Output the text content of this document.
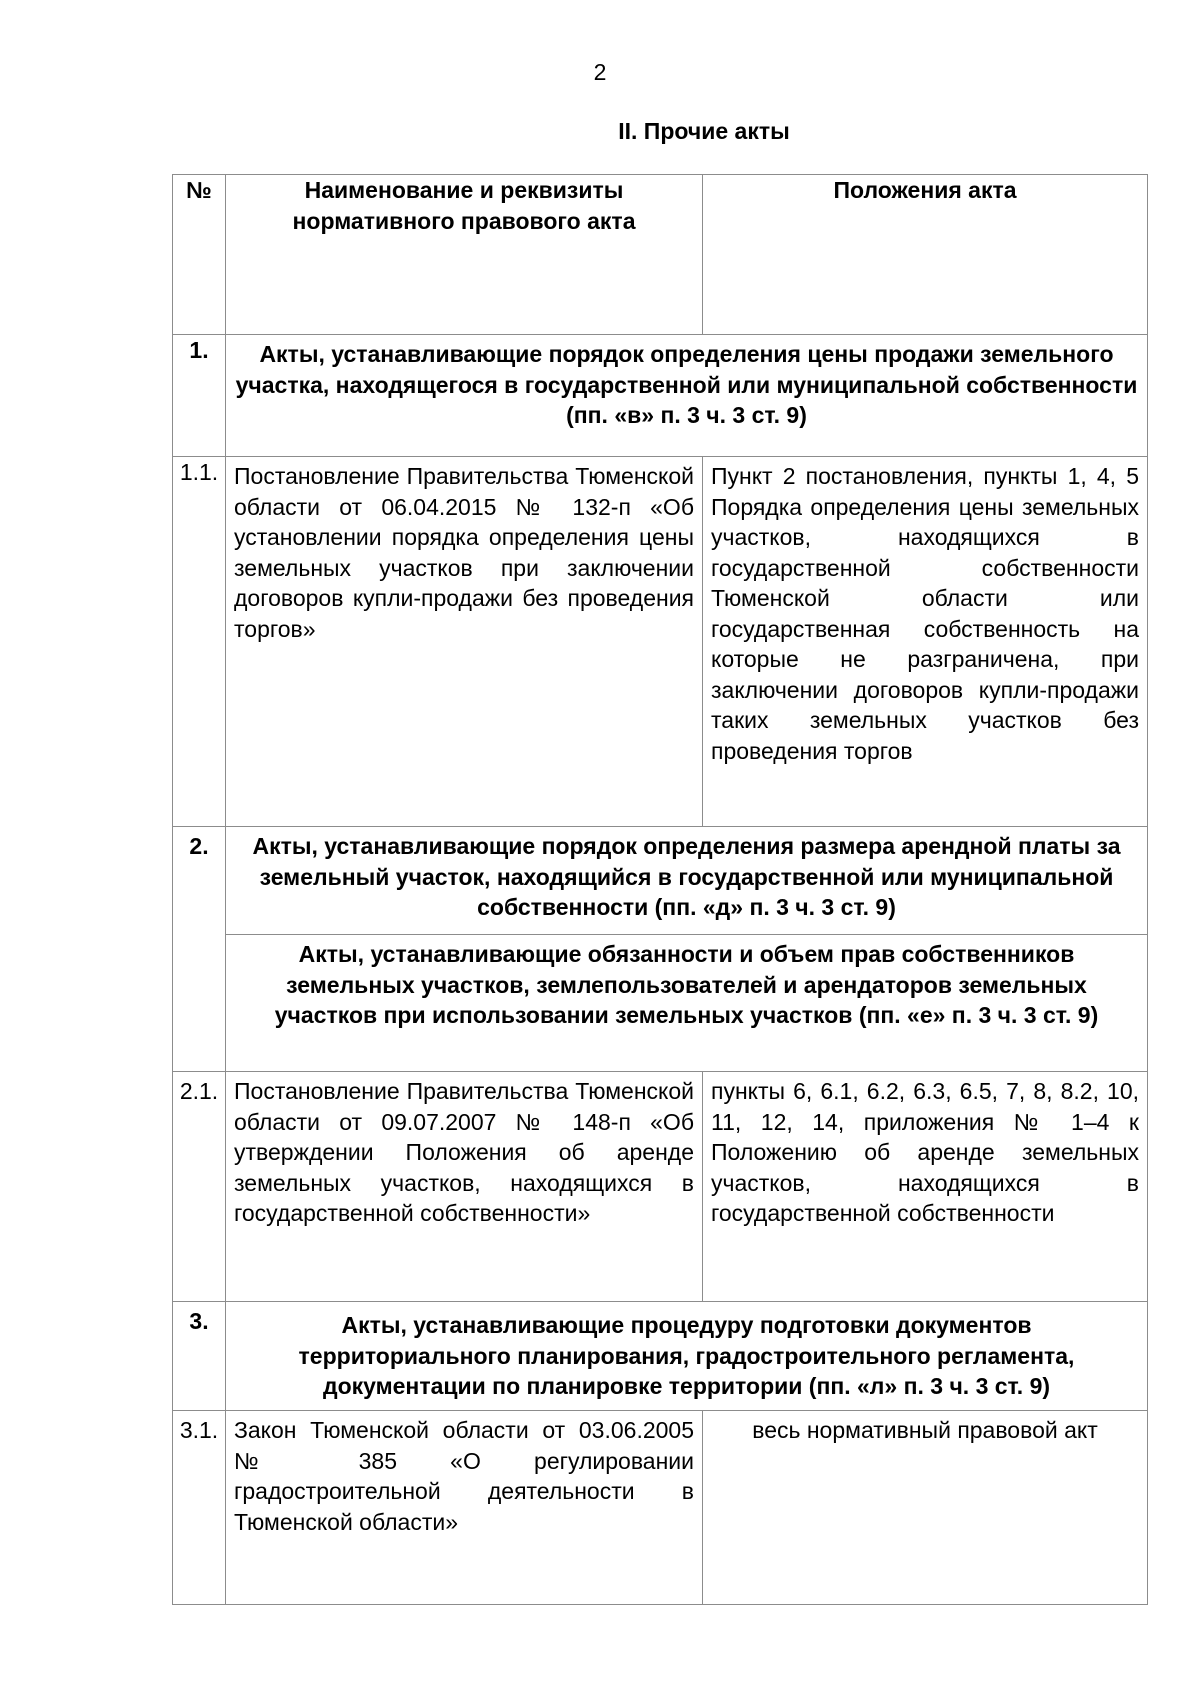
2
II. Прочие акты
№	Наименование и реквизиты нормативного правового акта	Положения акта
1.	Акты, устанавливающие порядок определения цены продажи земельного участка, находящегося в государственной или муниципальной собственности (пп. «в» п. 3 ч. 3 ст. 9)	
1.1.	Постановление Правительства Тюменской области от 06.04.2015 № 132-п «Об установлении порядка определения цены земельных участков при заключении договоров купли-продажи без проведения торгов»	Пункт 2 постановления, пункты 1, 4, 5 Порядка определения цены земельных участков, находящихся в государственной собственности Тюменской области или государственная собственность на которые не разграничена, при заключении договоров купли-продажи таких земельных участков без проведения торгов
2.	Акты, устанавливающие порядок определения размера арендной платы за земельный участок, находящийся в государственной или муниципальной собственности (пп. «д» п. 3 ч. 3 ст. 9)	
	Акты, устанавливающие обязанности и объем прав собственников земельных участков, землепользователей и арендаторов земельных участков при использовании земельных участков (пп. «е» п. 3 ч. 3 ст. 9)	
2.1.	Постановление Правительства Тюменской области от 09.07.2007 № 148-п «Об утверждении Положения об аренде земельных участков, находящихся в государственной собственности»	пункты 6, 6.1, 6.2, 6.3, 6.5, 7, 8, 8.2, 10, 11, 12, 14, приложения № 1–4 к Положению об аренде земельных участков, находящихся в государственной собственности
3.	Акты, устанавливающие процедуру подготовки документов территориального планирования, градостроительного регламента, документации по планировке территории (пп. «л» п. 3 ч. 3 ст. 9)	
3.1.	Закон Тюменской области от 03.06.2005 № 385 «О регулировании градостроительной деятельности в Тюменской области»	весь нормативный правовой акт
